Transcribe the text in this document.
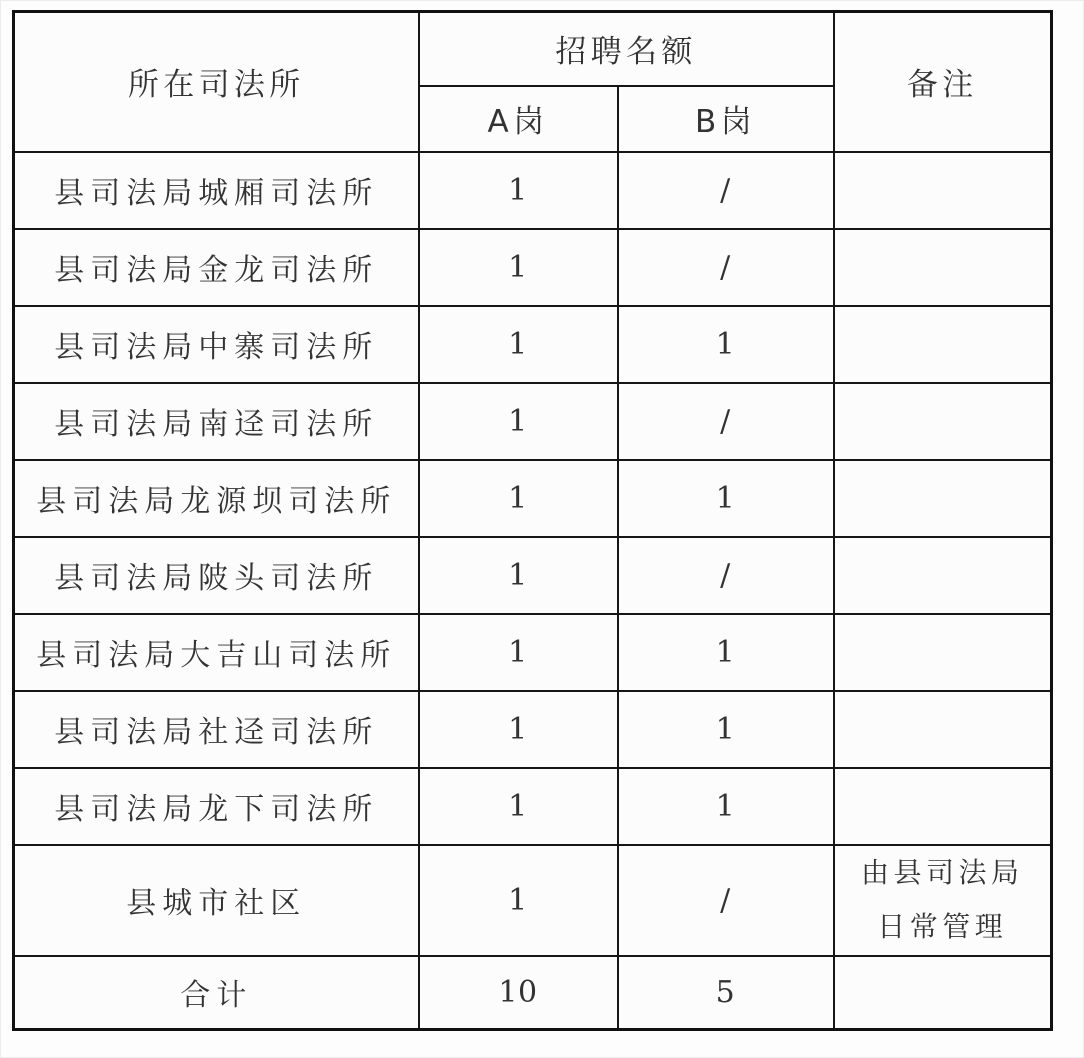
所在司法所	招聘名额		备注
	A岗	B岗	
县司法局城厢司法所	1	/	
县司法局金龙司法所	1	/	
县司法局中寨司法所	1	1	
县司法局南迳司法所	1	/	
县司法局龙源坝司法所	1	1	
县司法局陂头司法所	1	/	
县司法局大吉山司法所	1	1	
县司法局社迳司法所	1	1	
县司法局龙下司法所	1	1	
县城市社区	1	/	由县司法局日常管理
合计	10	5	
